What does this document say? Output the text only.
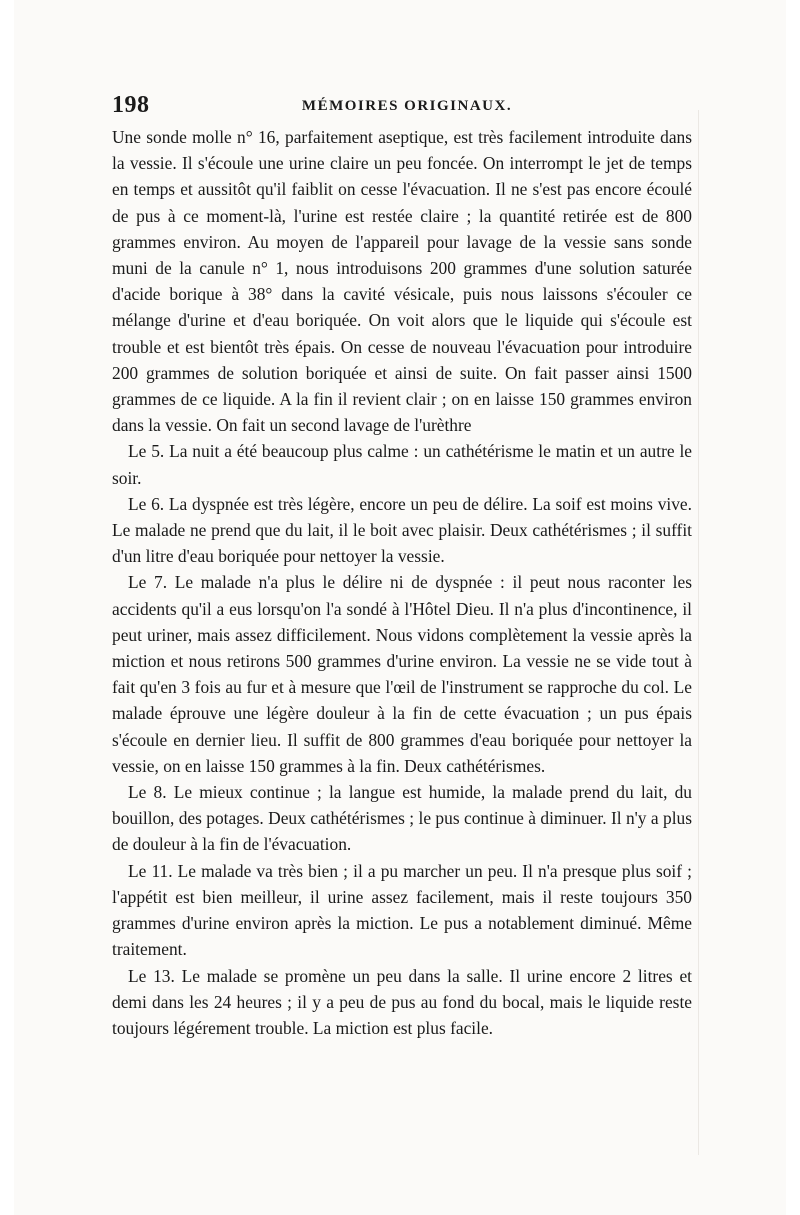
198	MÉMOIRES ORIGINAUX.

Une sonde molle n° 16, parfaitement aseptique, est très facilement introduite dans la vessie. Il s'écoule une urine claire un peu foncée. On interrompt le jet de temps en temps et aussitôt qu'il faiblit on cesse l'évacuation. Il ne s'est pas encore écoulé de pus à ce moment-là, l'urine est restée claire ; la quantité retirée est de 800 grammes environ. Au moyen de l'appareil pour lavage de la vessie sans sonde muni de la canule n° 1, nous introduisons 200 grammes d'une solution saturée d'acide borique à 38° dans la cavité vésicale, puis nous laissons s'écouler ce mélange d'urine et d'eau boriquée. On voit alors que le liquide qui s'écoule est trouble et est bientôt très épais. On cesse de nouveau l'évacuation pour introduire 200 grammes de solution boriquée et ainsi de suite. On fait passer ainsi 1500 grammes de ce liquide. A la fin il revient clair ; on en laisse 150 grammes environ dans la vessie. On fait un second lavage de l'urèthre

Le 5. La nuit a été beaucoup plus calme : un cathétérisme le matin et un autre le soir.

Le 6. La dyspnée est très légère, encore un peu de délire. La soif est moins vive. Le malade ne prend que du lait, il le boit avec plaisir. Deux cathétérismes ; il suffit d'un litre d'eau boriquée pour nettoyer la vessie.

Le 7. Le malade n'a plus le délire ni de dyspnée : il peut nous raconter les accidents qu'il a eus lorsqu'on l'a sondé à l'Hôtel Dieu. Il n'a plus d'incontinence, il peut uriner, mais assez difficilement. Nous vidons complètement la vessie après la miction et nous retirons 500 grammes d'urine environ. La vessie ne se vide tout à fait qu'en 3 fois au fur et à mesure que l'œil de l'instrument se rapproche du col. Le malade éprouve une légère douleur à la fin de cette évacuation ; un pus épais s'écoule en dernier lieu. Il suffit de 800 grammes d'eau boriquée pour nettoyer la vessie, on en laisse 150 grammes à la fin. Deux cathétérismes.

Le 8. Le mieux continue ; la langue est humide, la malade prend du lait, du bouillon, des potages. Deux cathétérismes ; le pus continue à diminuer. Il n'y a plus de douleur à la fin de l'évacuation.

Le 11. Le malade va très bien ; il a pu marcher un peu. Il n'a presque plus soif ; l'appétit est bien meilleur, il urine assez facilement, mais il reste toujours 350 grammes d'urine environ après la miction. Le pus a notablement diminué. Même traitement.

Le 13. Le malade se promène un peu dans la salle. Il urine encore 2 litres et demi dans les 24 heures ; il y a peu de pus au fond du bocal, mais le liquide reste toujours légérement trouble. La miction est plus facile.
